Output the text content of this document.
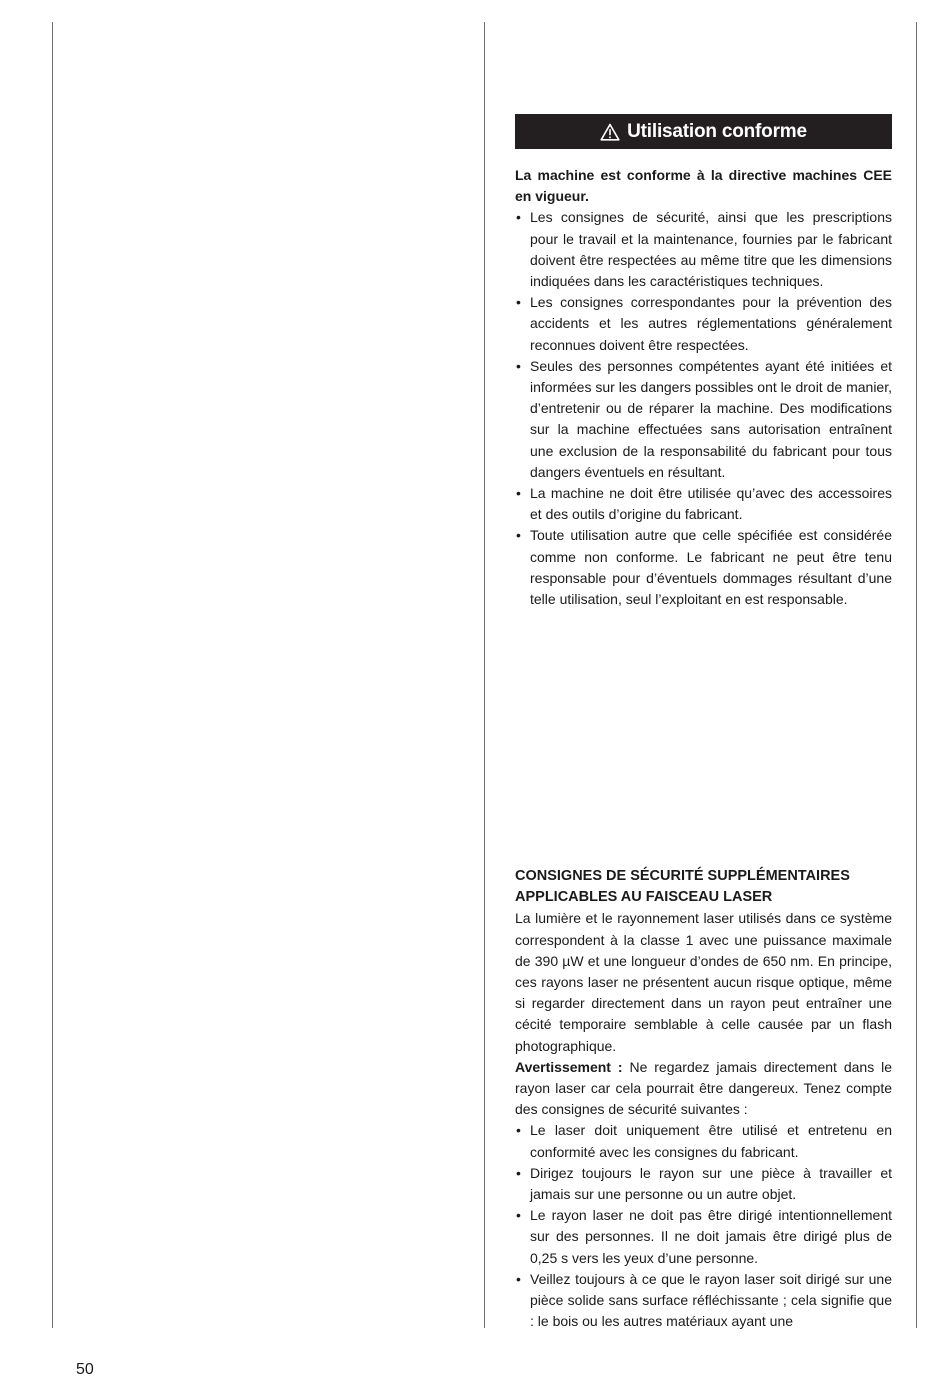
Utilisation conforme

La machine est conforme à la directive machines CEE en vigueur.

• Les consignes de sécurité, ainsi que les prescriptions pour le travail et la maintenance, fournies par le fabricant doivent être respectées au même titre que les dimensions indiquées dans les caractéristiques techniques.
• Les consignes correspondantes pour la prévention des accidents et les autres réglementations généralement reconnues doivent être respectées.
• Seules des personnes compétentes ayant été initiées et informées sur les dangers possibles ont le droit de manier, d’entretenir ou de réparer la machine. Des modifications sur la machine effectuées sans autorisation entraînent une exclusion de la responsabilité du fabricant pour tous dangers éventuels en résultant.
• La machine ne doit être utilisée qu’avec des accessoires et des outils d’origine du fabricant.
• Toute utilisation autre que celle spécifiée est considérée comme non conforme. Le fabricant ne peut être tenu responsable pour d’éventuels dommages résultant d’une telle utilisation, seul l’exploitant en est responsable.

CONSIGNES DE SÉCURITÉ SUPPLÉMENTAIRES

APPLICABLES AU FAISCEAU LASER

La lumière et le rayonnement laser utilisés dans ce système correspondent à la classe 1 avec une puissance maximale de 390 µW et une longueur d’ondes de 650 nm. En principe, ces rayons laser ne présentent aucun risque optique, même si regarder directement dans un rayon peut entraîner une cécité temporaire semblable à celle causée par un flash photographique.

Avertissement : Ne regardez jamais directement dans le rayon laser car cela pourrait être dangereux. Tenez compte des consignes de sécurité suivantes :

• Le laser doit uniquement être utilisé et entretenu en conformité avec les consignes du fabricant.
• Dirigez toujours le rayon sur une pièce à travailler et jamais sur une personne ou un autre objet.
• Le rayon laser ne doit pas être dirigé intentionnellement sur des personnes. Il ne doit jamais être dirigé plus de 0,25 s vers les yeux d’une personne.
• Veillez toujours à ce que le rayon laser soit dirigé sur une pièce solide sans surface réfléchissante ; cela signifie que : le bois ou les autres matériaux ayant une
50
